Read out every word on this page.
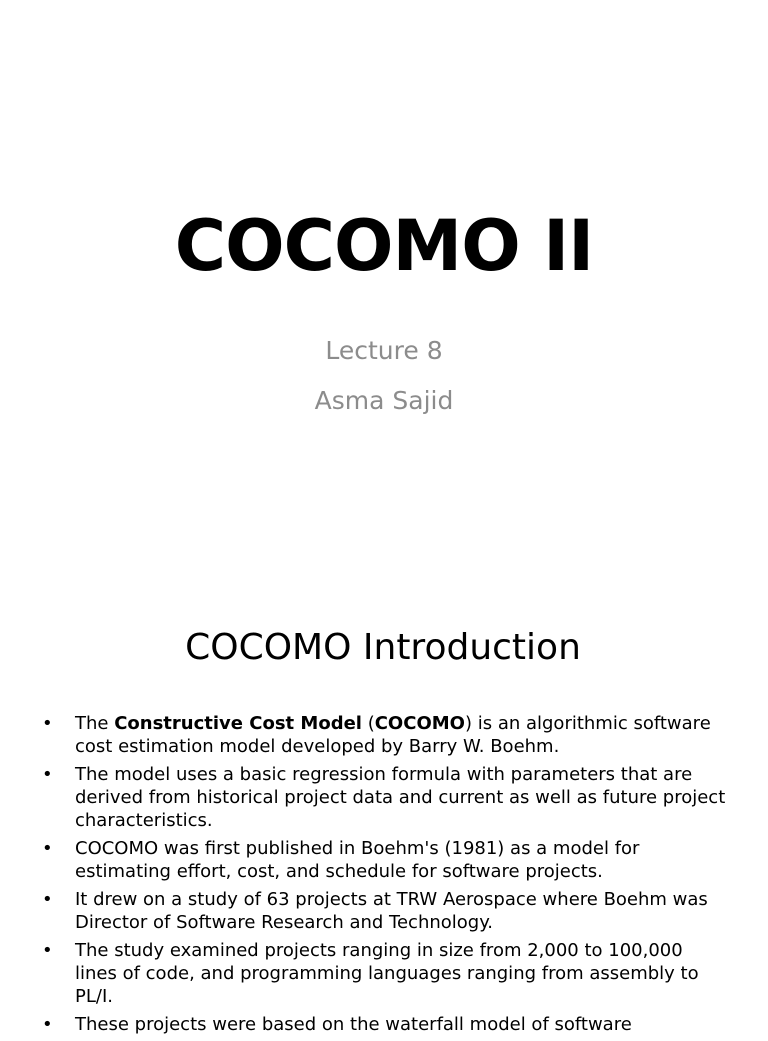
COCOMO II
Lecture 8
Asma Sajid
COCOMO Introduction
• The Constructive Cost Model (COCOMO) is an algorithmic software cost estimation model developed by Barry W. Boehm.
• The model uses a basic regression formula with parameters that are derived from historical project data and current as well as future project characteristics.
• COCOMO was first published in Boehm's (1981) as a model for estimating effort, cost, and schedule for software projects.
• It drew on a study of 63 projects at TRW Aerospace where Boehm was Director of Software Research and Technology.
• The study examined projects ranging in size from 2,000 to 100,000 lines of code, and programming languages ranging from assembly to PL/I.
• These projects were based on the waterfall model of software
